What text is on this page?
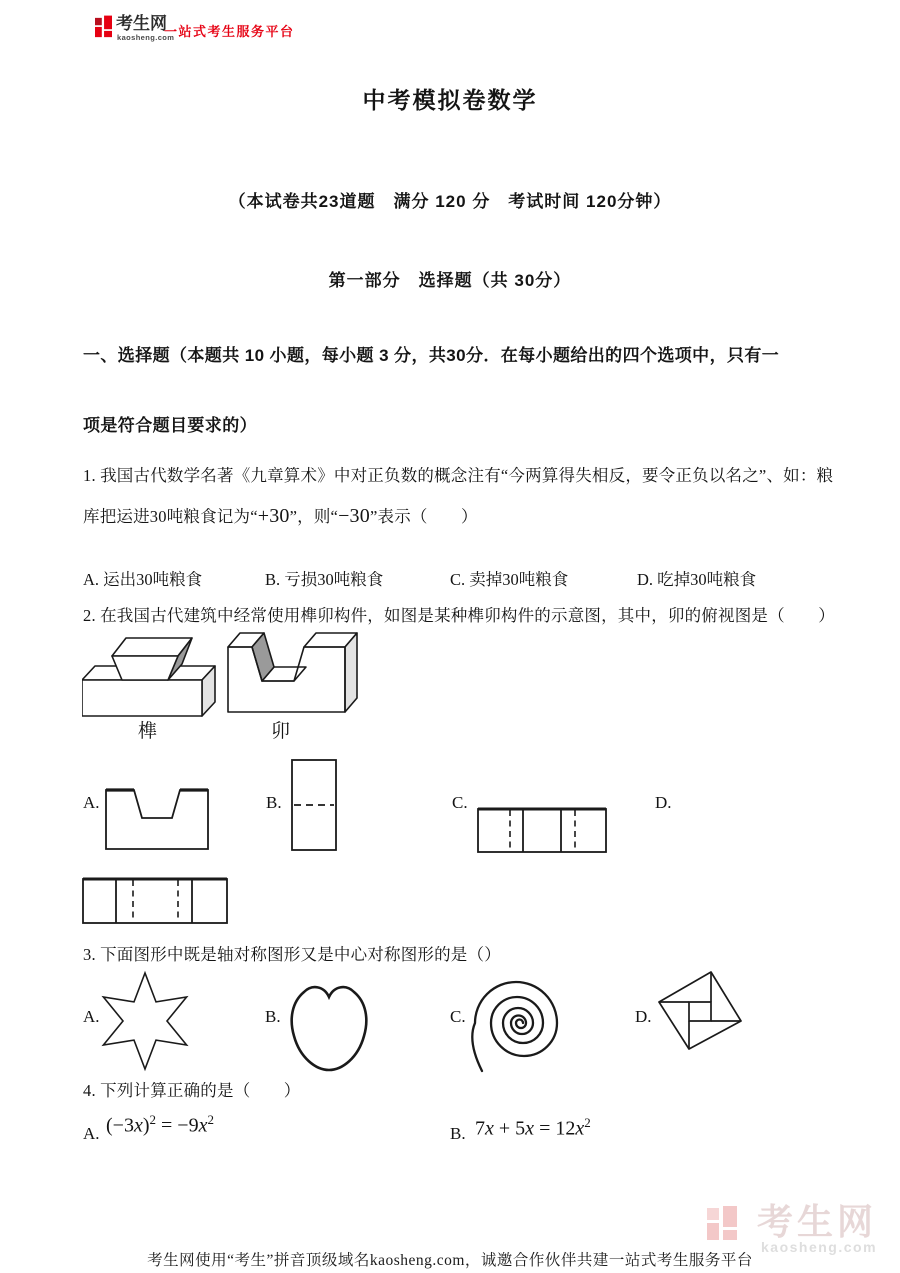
考生网
kaosheng.com
一站式考生服务平台
中考模拟卷数学
（本试卷共23道题　满分 120 分　考试时间 120分钟）
第一部分　选择题（共 30分）
一、选择题（本题共 10 小题，每小题 3 分，共30分．在每小题给出的四个选项中，只有一
项是符合题目要求的）
1. 我国古代数学名著《九章算术》中对正负数的概念注有“今两算得失相反，要令正负以名之”、如：粮
库把运进30吨粮食记为“+30”，则“−30”表示（　　）
A. 运出30吨粮食	B. 亏损30吨粮食	C. 卖掉30吨粮食	D. 吃掉30吨粮食
2. 在我国古代建筑中经常使用榫卯构件，如图是某种榫卯构件的示意图，其中，卯的俯视图是（　　）
榫	卯
A.	B.	C.	D.
3. 下面图形中既是轴对称图形又是中心对称图形的是（）
A.	B.	C.	D.
4. 下列计算正确的是（　　）
A. $(-3x)^2 = -9x^2$
B. $7x + 5x = 12x^2$
考生网
kaosheng.com
考生网使用“考生”拼音顶级域名kaosheng.com，诚邀合作伙伴共建一站式考生服务平台
